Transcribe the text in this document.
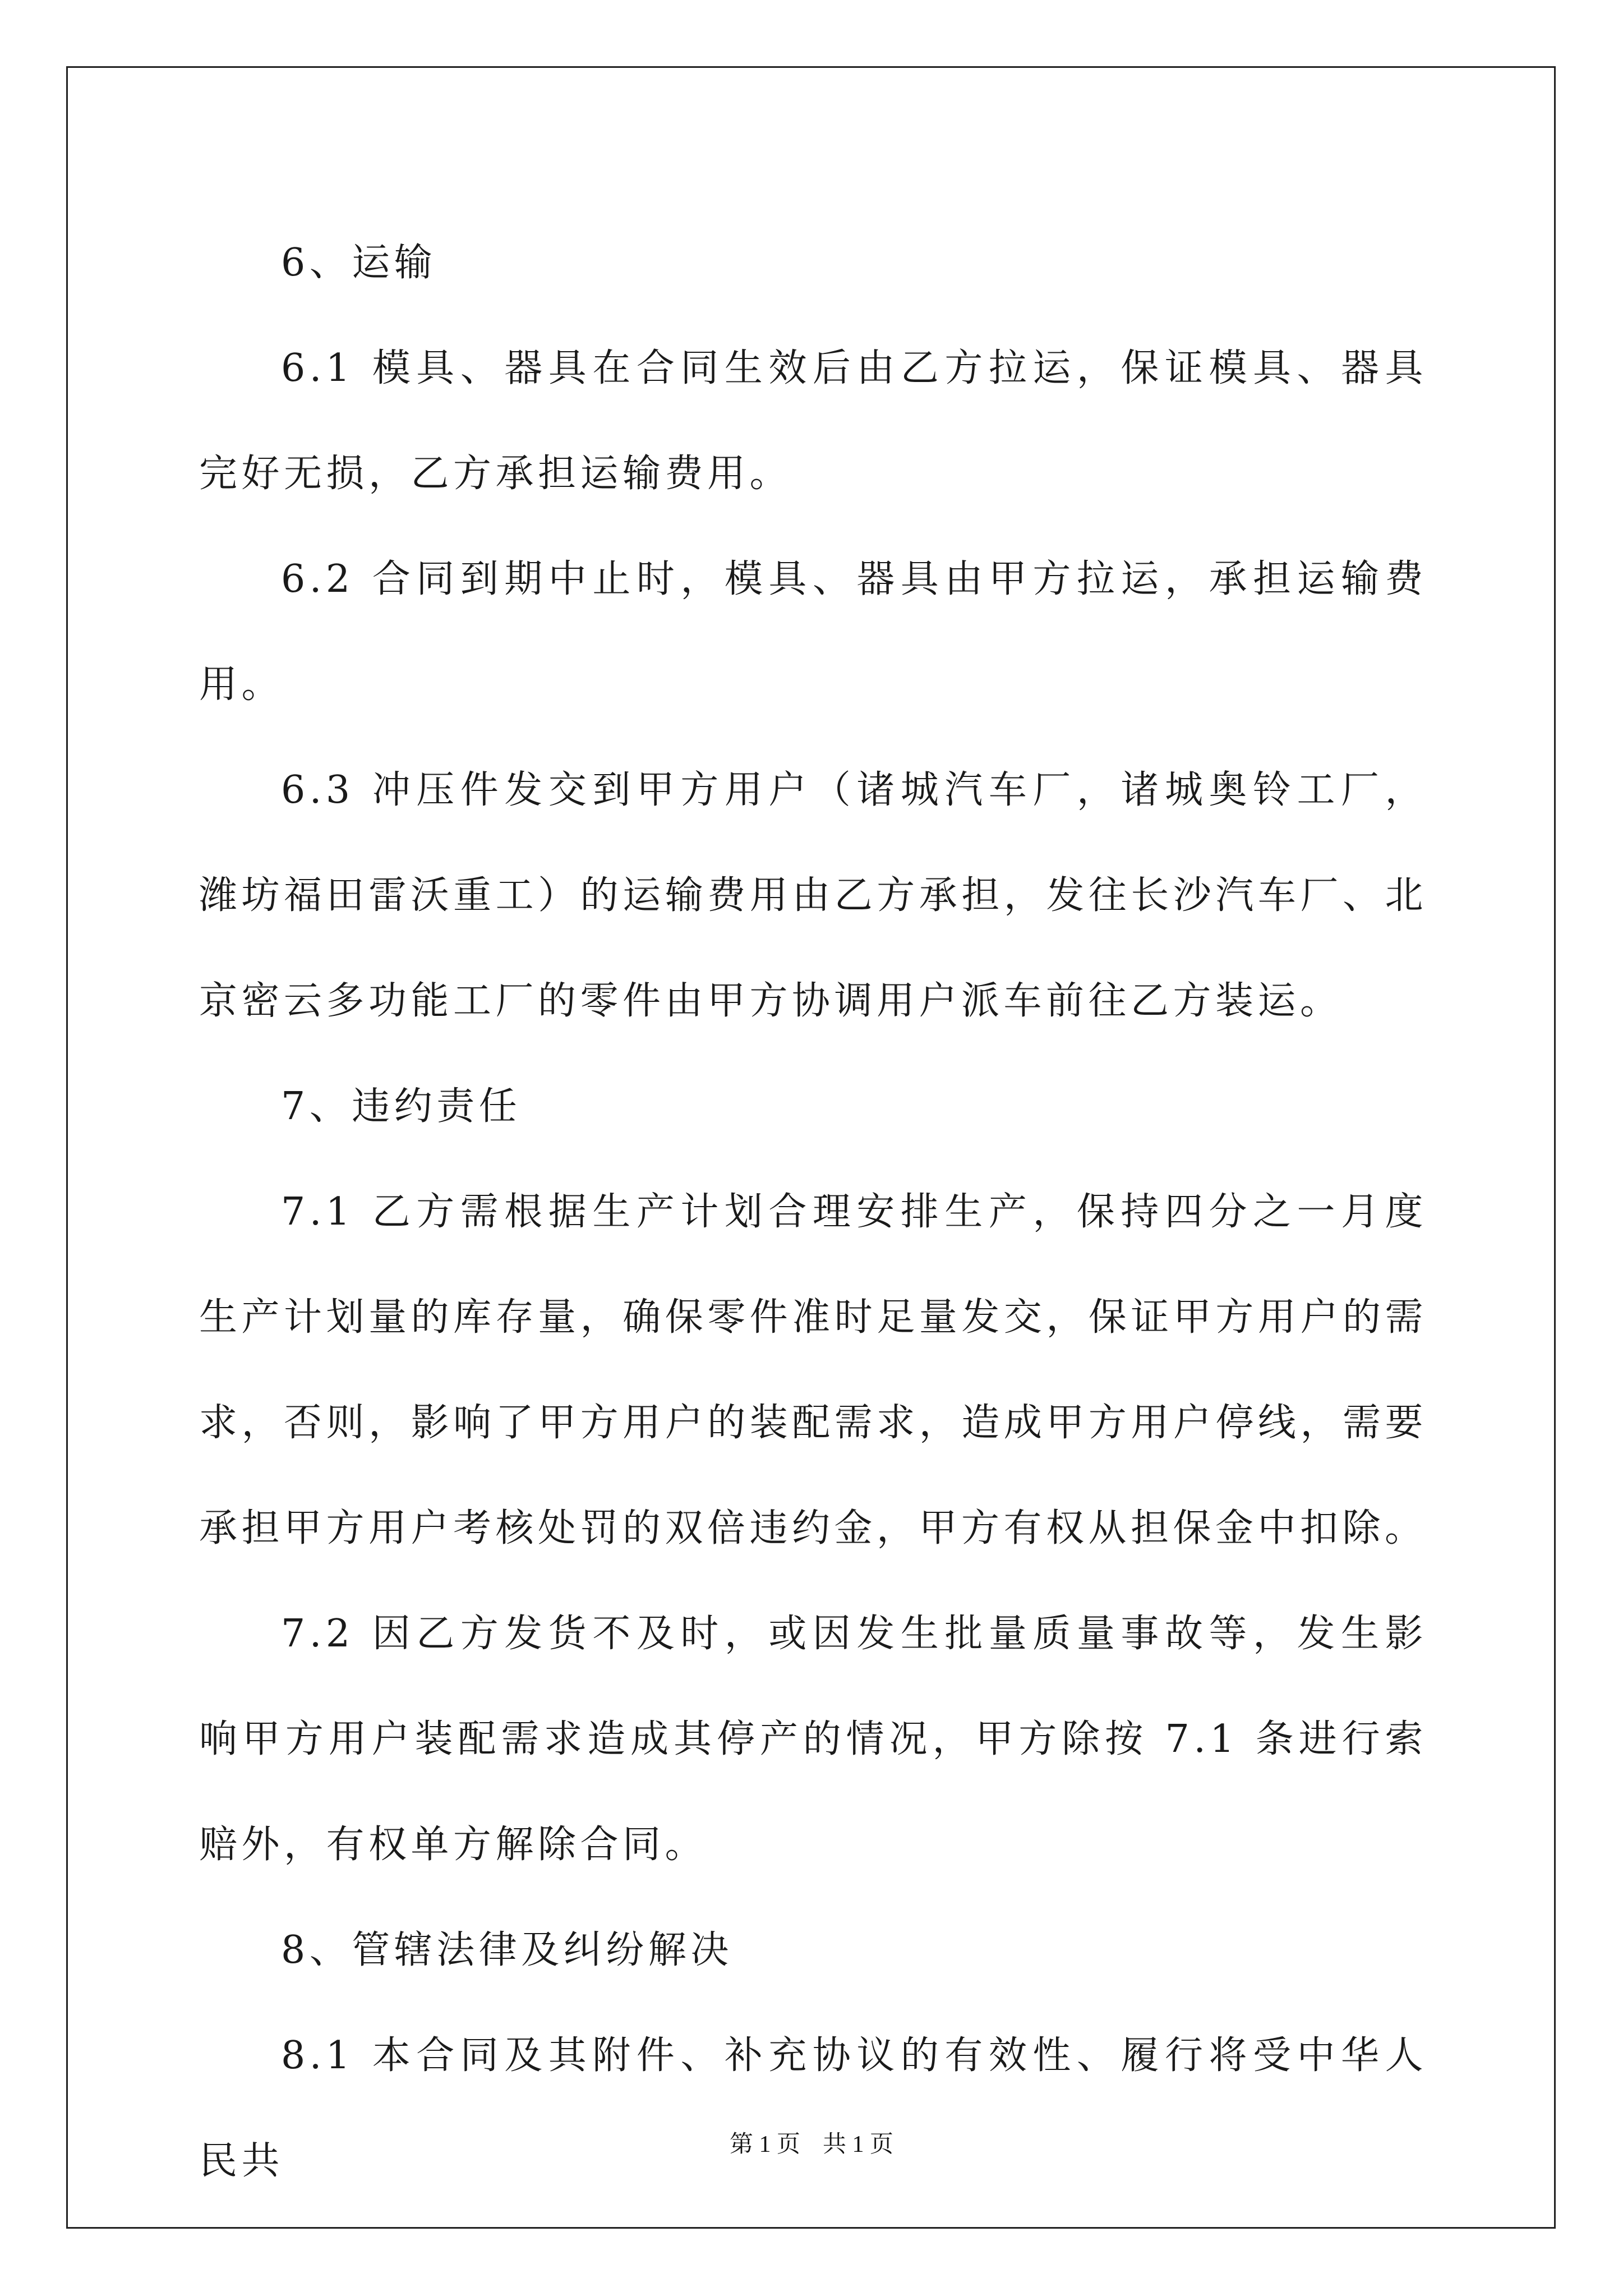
6、运输

6.1 模具、器具在合同生效后由乙方拉运，保证模具、器具完好无损，乙方承担运输费用。

6.2 合同到期中止时，模具、器具由甲方拉运，承担运输费用。

6.3 冲压件发交到甲方用户（诸城汽车厂，诸城奥铃工厂，潍坊福田雷沃重工）的运输费用由乙方承担，发往长沙汽车厂、北京密云多功能工厂的零件由甲方协调用户派车前往乙方装运。

7、违约责任

7.1 乙方需根据生产计划合理安排生产，保持四分之一月度生产计划量的库存量，确保零件准时足量发交，保证甲方用户的需求，否则，影响了甲方用户的装配需求，造成甲方用户停线，需要承担甲方用户考核处罚的双倍违约金，甲方有权从担保金中扣除。

7.2 因乙方发货不及时，或因发生批量质量事故等，发生影响甲方用户装配需求造成其停产的情况，甲方除按 7.1 条进行索赔外，有权单方解除合同。

8、管辖法律及纠纷解决

8.1 本合同及其附件、补充协议的有效性、履行将受中华人民共	第 1 页 共 1 页
